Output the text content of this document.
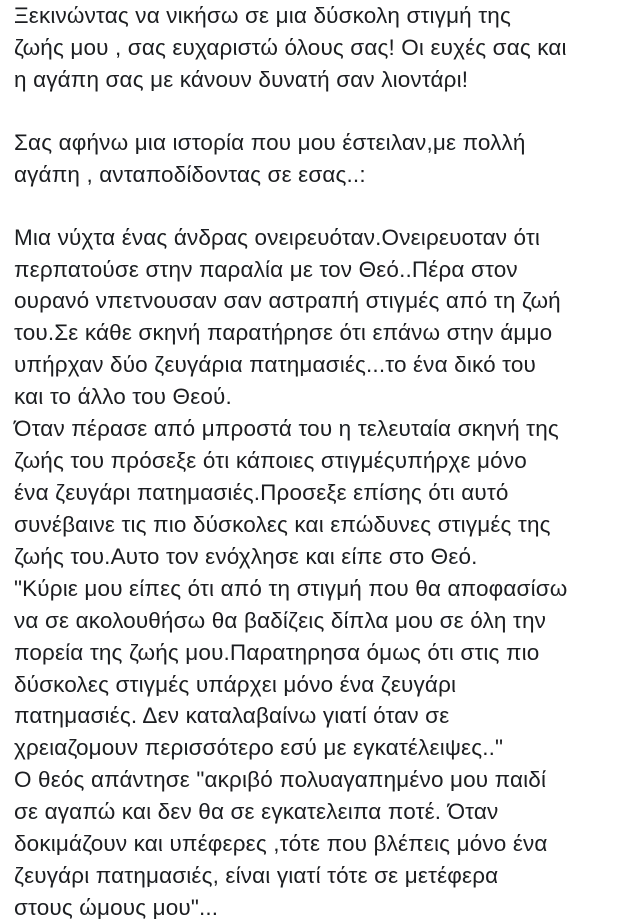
Ξεκινώντας να νικήσω σε μια δύσκολη στιγμή της

ζωής μου , σας ευχαριστώ όλους σας! Οι ευχές σας και

η αγάπη σας με κάνουν δυνατή σαν λιοντάρι!

Σας αφήνω μια ιστορία που μου έστειλαν,με πολλή

αγάπη , ανταποδίδοντας σε εσας..:

Μια νύχτα ένας άνδρας ονειρευόταν.Ονειρευοταν ότι

περπατούσε στην παραλία με τον Θεό..Πέρα στον

ουρανό νπετνουσαν σαν αστραπή στιγμές από τη ζωή

του.Σε κάθε σκηνή παρατήρησε ότι επάνω στην άμμο

υπήρχαν δύο ζευγάρια πατημασιές...το ένα δικό του

και το άλλο του Θεού.

Όταν πέρασε από μπροστά του η τελευταία σκηνή της

ζωής του πρόσεξε ότι κάποιες στιγμέςυπήρχε μόνο

ένα ζευγάρι πατημασιές.Προσεξε επίσης ότι αυτό

συνέβαινε τις πιο δύσκολες και επώδυνες στιγμές της

ζωής του.Αυτο τον ενόχλησε και είπε στο Θεό.

"Κύριε μου είπες ότι από τη στιγμή που θα αποφασίσω

να σε ακολουθήσω θα βαδίζεις δίπλα μου σε όλη την

πορεία της ζωής μου.Παρατηρησα όμως ότι στις πιο

δύσκολες στιγμές υπάρχει μόνο ένα ζευγάρι

πατημασιές. Δεν καταλαβαίνω γιατί όταν σε

χρειαζομουν περισσότερο εσύ με εγκατέλειψες.."

Ο θεός απάντησε "ακριβό πολυαγαπημένο μου παιδί

σε αγαπώ και δεν θα σε εγκατελειπα ποτέ. Όταν

δοκιμάζουν και υπέφερες ,τότε που βλέπεις μόνο ένα

ζευγάρι πατημασιές, είναι γιατί τότε σε μετέφερα

στους ώμους μου"...
